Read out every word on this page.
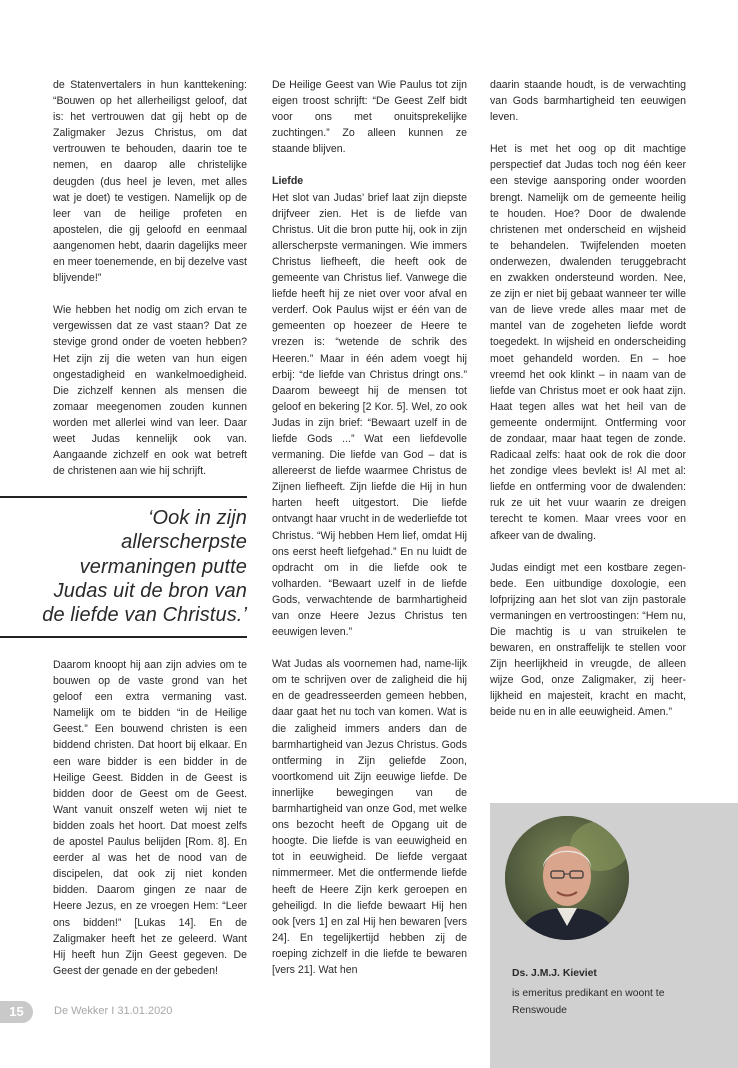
de Statenvertalers in hun kanttekening: “Bouwen op het allerheiligst geloof, dat is: het vertrouwen dat gij hebt op de Zaligmaker Jezus Christus, om dat vertrouwen te behouden, daarin toe te nemen, en daarop alle christelijke deugden (dus heel je leven, met alles wat je doet) te vestigen. Namelijk op de leer van de heilige profeten en apostelen, die gij geloofd en eenmaal aangenomen hebt, daarin dagelijks meer en meer toenemende, en bij dezelve vast blijvende!”

Wie hebben het nodig om zich ervan te vergewissen dat ze vast staan? Dat ze stevige grond onder de voeten hebben? Het zijn zij die weten van hun eigen ongestadigheid en wankelmoedigheid. Die zichzelf kennen als mensen die zomaar meegenomen zouden kunnen worden met allerlei wind van leer. Daar weet Judas kennelijk ook van. Aangaande zichzelf en ook wat betreft de christenen aan wie hij schrijft.

‘Ook in zijn
allerscherpste
vermaningen putte
Judas uit de bron van
de liefde van Christus.’

Daarom knoopt hij aan zijn advies om te bouwen op de vaste grond van het geloof een extra vermaning vast. Namelijk om te bidden “in de Heilige Geest.” Een bouwend christen is een biddend christen. Dat hoort bij elkaar. En een ware bidder is een bidder in de Heilige Geest. Bidden in de Geest is bidden door de Geest om de Geest. Want vanuit onszelf weten wij niet te bidden zoals het hoort. Dat moest zelfs de apostel Paulus belijden [Rom. 8]. En eerder al was het de nood van de discipelen, dat ook zij niet konden bidden. Daarom gingen ze naar de Heere Jezus, en ze vroegen Hem: “Leer ons bidden!” [Lukas 14]. En de Zaligmaker heeft het ze geleerd. Want Hij heeft hun Zijn Geest gegeven. De Geest der genade en der gebeden!

De Heilige Geest van Wie Paulus tot zijn eigen troost schrijft: “De Geest Zelf bidt voor ons met onuitsprekelijke zuchtingen.” Zo alleen kunnen ze staande blijven.

Liefde

Het slot van Judas’ brief laat zijn diepste drijfveer zien. Het is de liefde van Christus. Uit die bron putte hij, ook in zijn allerscherpste vermaningen. Wie immers Christus liefheeft, die heeft ook de gemeente van Christus lief. Vanwege die liefde heeft hij ze niet over voor afval en verderf. Ook Paulus wijst er één van de gemeenten op hoezeer de Heere te vrezen is: “wetende de schrik des Heeren.” Maar in één adem voegt hij erbij: “de liefde van Christus dringt ons.” Daarom beweegt hij de mensen tot geloof en bekering [2 Kor. 5]. Wel, zo ook Judas in zijn brief: “Bewaart uzelf in de liefde Gods ...” Wat een liefdevolle vermaning. Die liefde van God – dat is allereerst de liefde waarmee Christus de Zijnen liefheeft. Zijn liefde die Hij in hun harten heeft uitgestort. Die liefde ontvangt haar vrucht in de wederliefde tot Christus. “Wij hebben Hem lief, omdat Hij ons eerst heeft liefgehad.” En nu luidt de opdracht om in die liefde ook te volharden. “Bewaart uzelf in de liefde Gods, verwachtende de barmhartigheid van onze Heere Jezus Christus ten eeuwigen leven.”

Wat Judas als voornemen had, name-lijk om te schrijven over de zaligheid die hij en de geadresseerden gemeen hebben, daar gaat het nu toch van komen. Wat is die zaligheid immers anders dan de barmhartigheid van Jezus Christus. Gods ontferming in Zijn geliefde Zoon, voortkomend uit Zijn eeuwige liefde. De innerlijke bewegingen van de barmhartigheid van onze God, met welke ons bezocht heeft de Opgang uit de hoogte. Die liefde is van eeuwigheid en tot in eeuwigheid. De liefde vergaat nimmermeer. Met die ontfermende liefde heeft de Heere Zijn kerk geroepen en geheiligd. In die liefde bewaart Hij hen ook [vers 1] en zal Hij hen bewaren [vers 24]. En tegelijkertijd hebben zij de roeping zichzelf in die liefde te bewaren [vers 21]. Wat hen

daarin staande houdt, is de verwachting van Gods barmhartigheid ten eeuwigen leven.

Het is met het oog op dit machtige perspectief dat Judas toch nog één keer een stevige aansporing onder woorden brengt. Namelijk om de gemeente heilig te houden. Hoe? Door de dwalende christenen met onderscheid en wijsheid te behandelen. Twijfelenden moeten onderwezen, dwalenden teruggebracht en zwakken ondersteund worden. Nee, ze zijn er niet bij gebaat wanneer ter wille van de lieve vrede alles maar met de mantel van de zogeheten liefde wordt toegedekt. In wijsheid en onderscheiding moet gehandeld worden. En – hoe vreemd het ook klinkt – in naam van de liefde van Christus moet er ook haat zijn. Haat tegen alles wat het heil van de gemeente ondermijnt. Ontferming voor de zondaar, maar haat tegen de zonde. Radicaal zelfs: haat ook de rok die door het zondige vlees bevlekt is! Al met al: liefde en ontferming voor de dwalenden: ruk ze uit het vuur waarin ze dreigen terecht te komen. Maar vrees voor en afkeer van de dwaling.

Judas eindigt met een kostbare zegen-bede. Een uitbundige doxologie, een lofprijzing aan het slot van zijn pastorale vermaningen en vertroostingen: “Hem nu, Die machtig is u van struikelen te bewaren, en onstraffelijk te stellen voor Zijn heerlijkheid in vreugde, de alleen wijze God, onze Zaligmaker, zij heer-lijkheid en majesteit, kracht en macht, beide nu en in alle eeuwigheid. Amen.”

Ds. J.M.J. Kieviet
is emeritus predikant en woont te Renswoude
15	De Wekker I 31.01.2020
